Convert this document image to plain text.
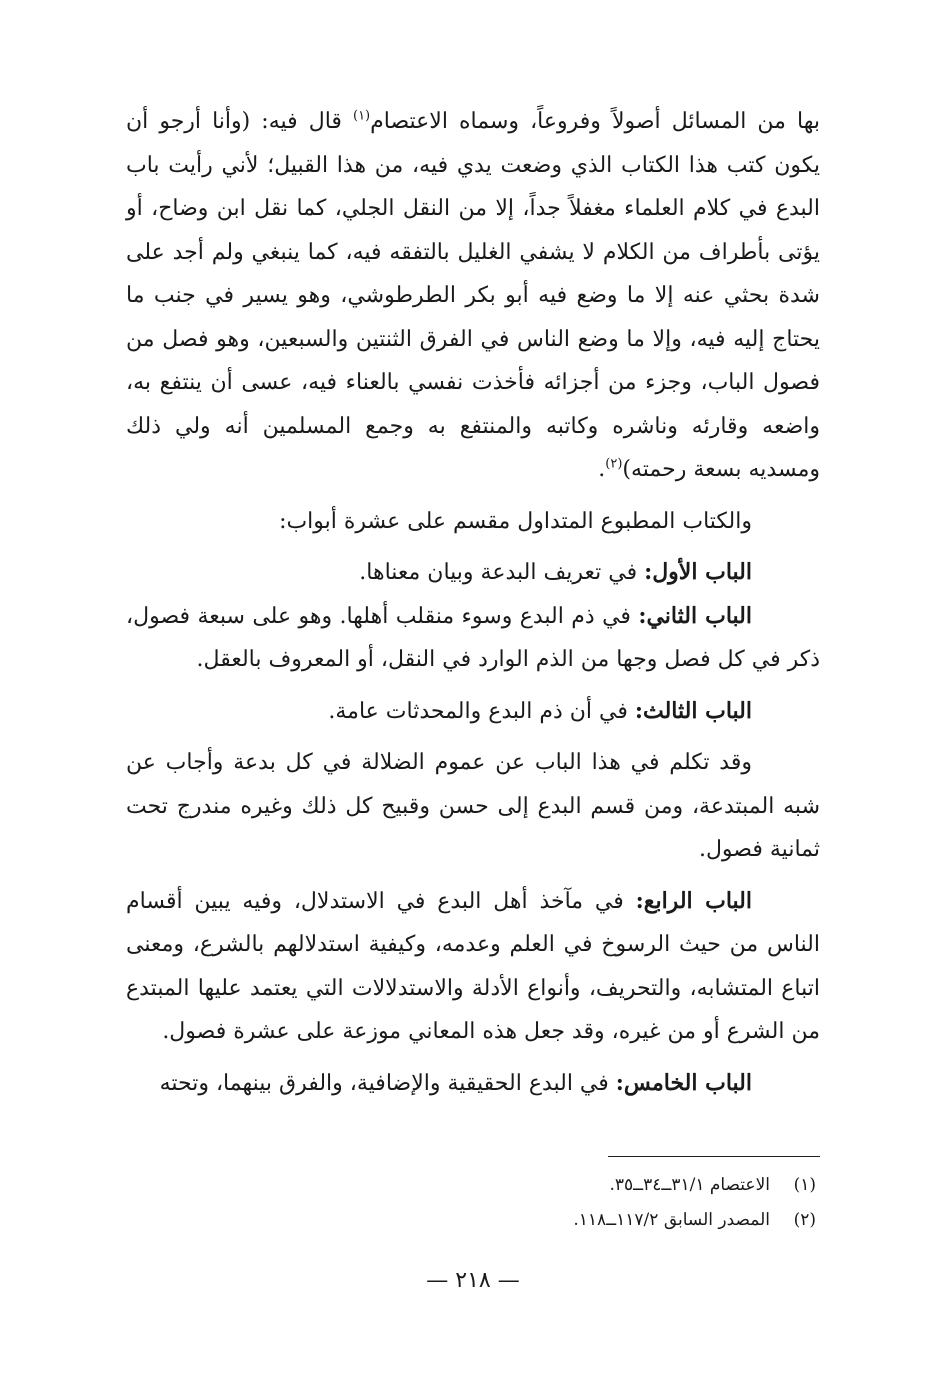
بها من المسائل أصولاً وفروعاً، وسماه الاعتصام$^{(١)}$ قال فيه: (وأنا أرجو أن يكون كتب هذا الكتاب الذي وضعت يدي فيه، من هذا القبيل؛ لأني رأيت باب البدع في كلام العلماء مغفلاً جداً، إلا من النقل الجلي، كما نقل ابن وضاح، أو يؤتى بأطراف من الكلام لا يشفي الغليل بالتفقه فيه، كما ينبغي ولم أجد على شدة بحثي عنه إلا ما وضع فيه أبو بكر الطرطوشي، وهو يسير في جنب ما يحتاج إليه فيه، وإلا ما وضع الناس في الفرق الثنتين والسبعين، وهو فصل من فصول الباب، وجزء من أجزائه فأخذت نفسي بالعناء فيه، عسى أن ينتفع به، واضعه وقارئه وناشره وكاتبه والمنتفع به وجمع المسلمين أنه ولي ذلك ومسديه بسعة رحمته)$^{(٢)}$.

والكتاب المطبوع المتداول مقسم على عشرة أبواب:

الباب الأول: في تعريف البدعة وبيان معناها.

الباب الثاني: في ذم البدع وسوء منقلب أهلها. وهو على سبعة فصول، ذكر في كل فصل وجها من الذم الوارد في النقل، أو المعروف بالعقل.

الباب الثالث: في أن ذم البدع والمحدثات عامة.

وقد تكلم في هذا الباب عن عموم الضلالة في كل بدعة وأجاب عن شبه المبتدعة، ومن قسم البدع إلى حسن وقبيح كل ذلك وغيره مندرج تحت ثمانية فصول.

الباب الرابع: في مآخذ أهل البدع في الاستدلال، وفيه يبين أقسام الناس من حيث الرسوخ في العلم وعدمه، وكيفية استدلالهم بالشرع، ومعنى اتباع المتشابه، والتحريف، وأنواع الأدلة والاستدلالات التي يعتمد عليها المبتدع من الشرع أو من غيره، وقد جعل هذه المعاني موزعة على عشرة فصول.

الباب الخامس: في البدع الحقيقية والإضافية، والفرق بينهما، وتحته

(١)الاعتصام ٣١/١ــ٣٤ــ٣٥.

(٢)المصدر السابق ١١٧/٢ــ١١٨.

— ٢١٨ —
